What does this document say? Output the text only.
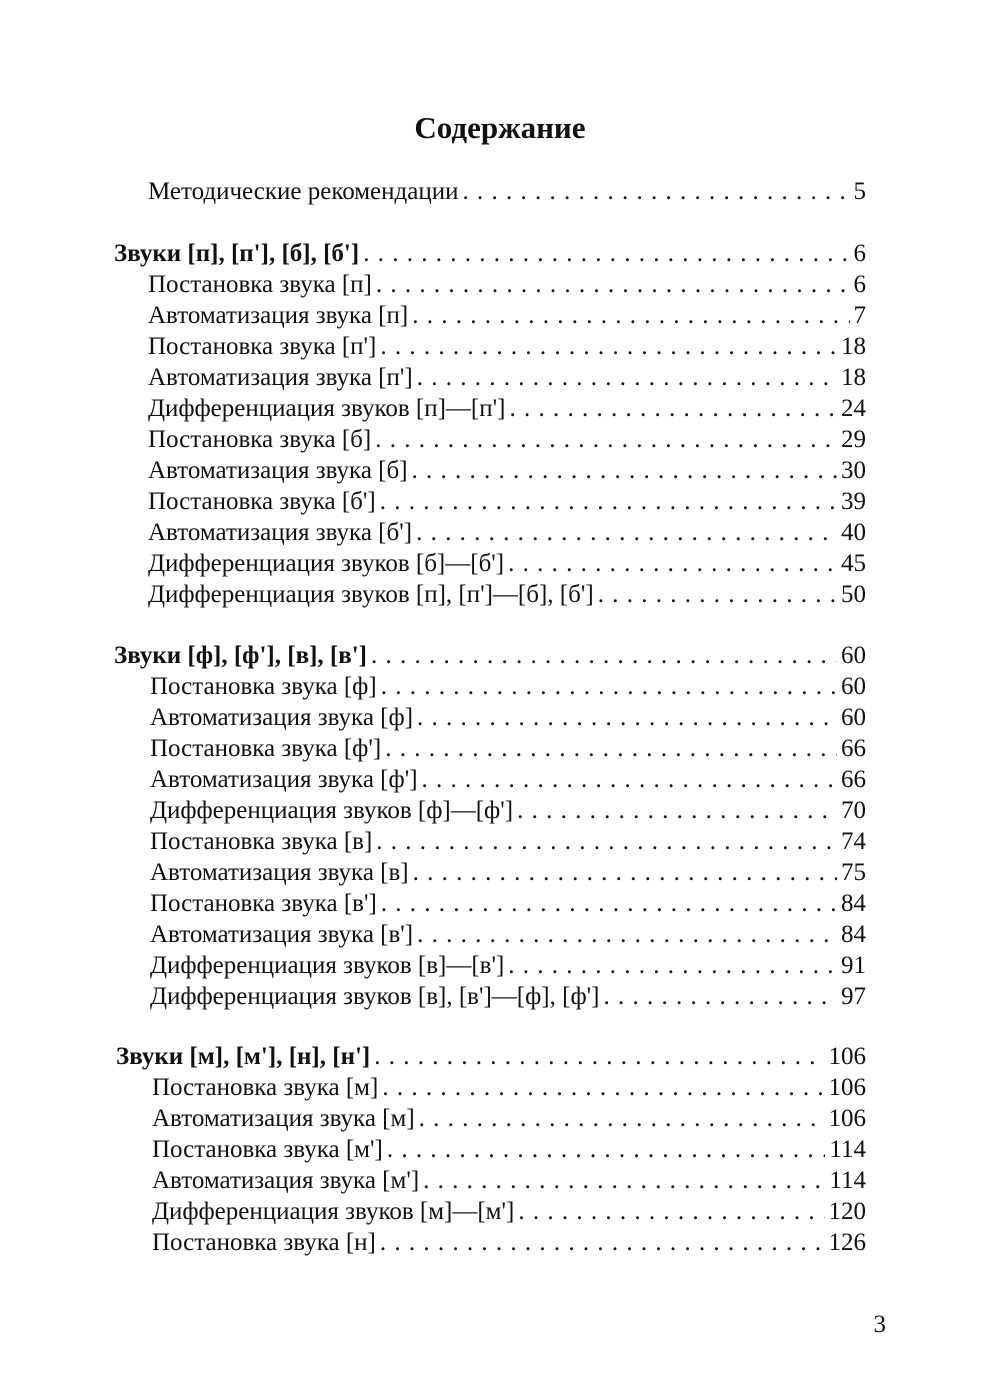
Содержание
Методические рекомендации . . .	5
Звуки [п], [п'], [б], [б'] . . .	6
Постановка звука [п] . . .	6
Автоматизация звука [п] . . .	7
Постановка звука [п'] . . .	18
Автоматизация звука [п'] . . .	18
Дифференциация звуков [п]—[п'] . . .	24
Постановка звука [б] . . .	29
Автоматизация звука [б] . . .	30
Постановка звука [б'] . . .	39
Автоматизация звука [б'] . . .	40
Дифференциация звуков [б]—[б'] . . .	45
Дифференциация звуков [п], [п']—[б], [б'] . . .	50
Звуки [ф], [ф'], [в], [в'] . . .	60
Постановка звука [ф] . . .	60
Автоматизация звука [ф] . . .	60
Постановка звука [ф'] . . .	66
Автоматизация звука [ф'] . . .	66
Дифференциация звуков [ф]—[ф'] . . .	70
Постановка звука [в] . . .	74
Автоматизация звука [в] . . .	75
Постановка звука [в'] . . .	84
Автоматизация звука [в'] . . .	84
Дифференциация звуков [в]—[в'] . . .	91
Дифференциация звуков [в], [в']—[ф], [ф'] . . .	97
Звуки [м], [м'], [н], [н'] . . .	106
Постановка звука [м] . . .	106
Автоматизация звука [м] . . .	106
Постановка звука [м'] . . .	114
Автоматизация звука [м'] . . .	114
Дифференциация звуков [м]—[м'] . . .	120
Постановка звука [н] . . .	126
3
